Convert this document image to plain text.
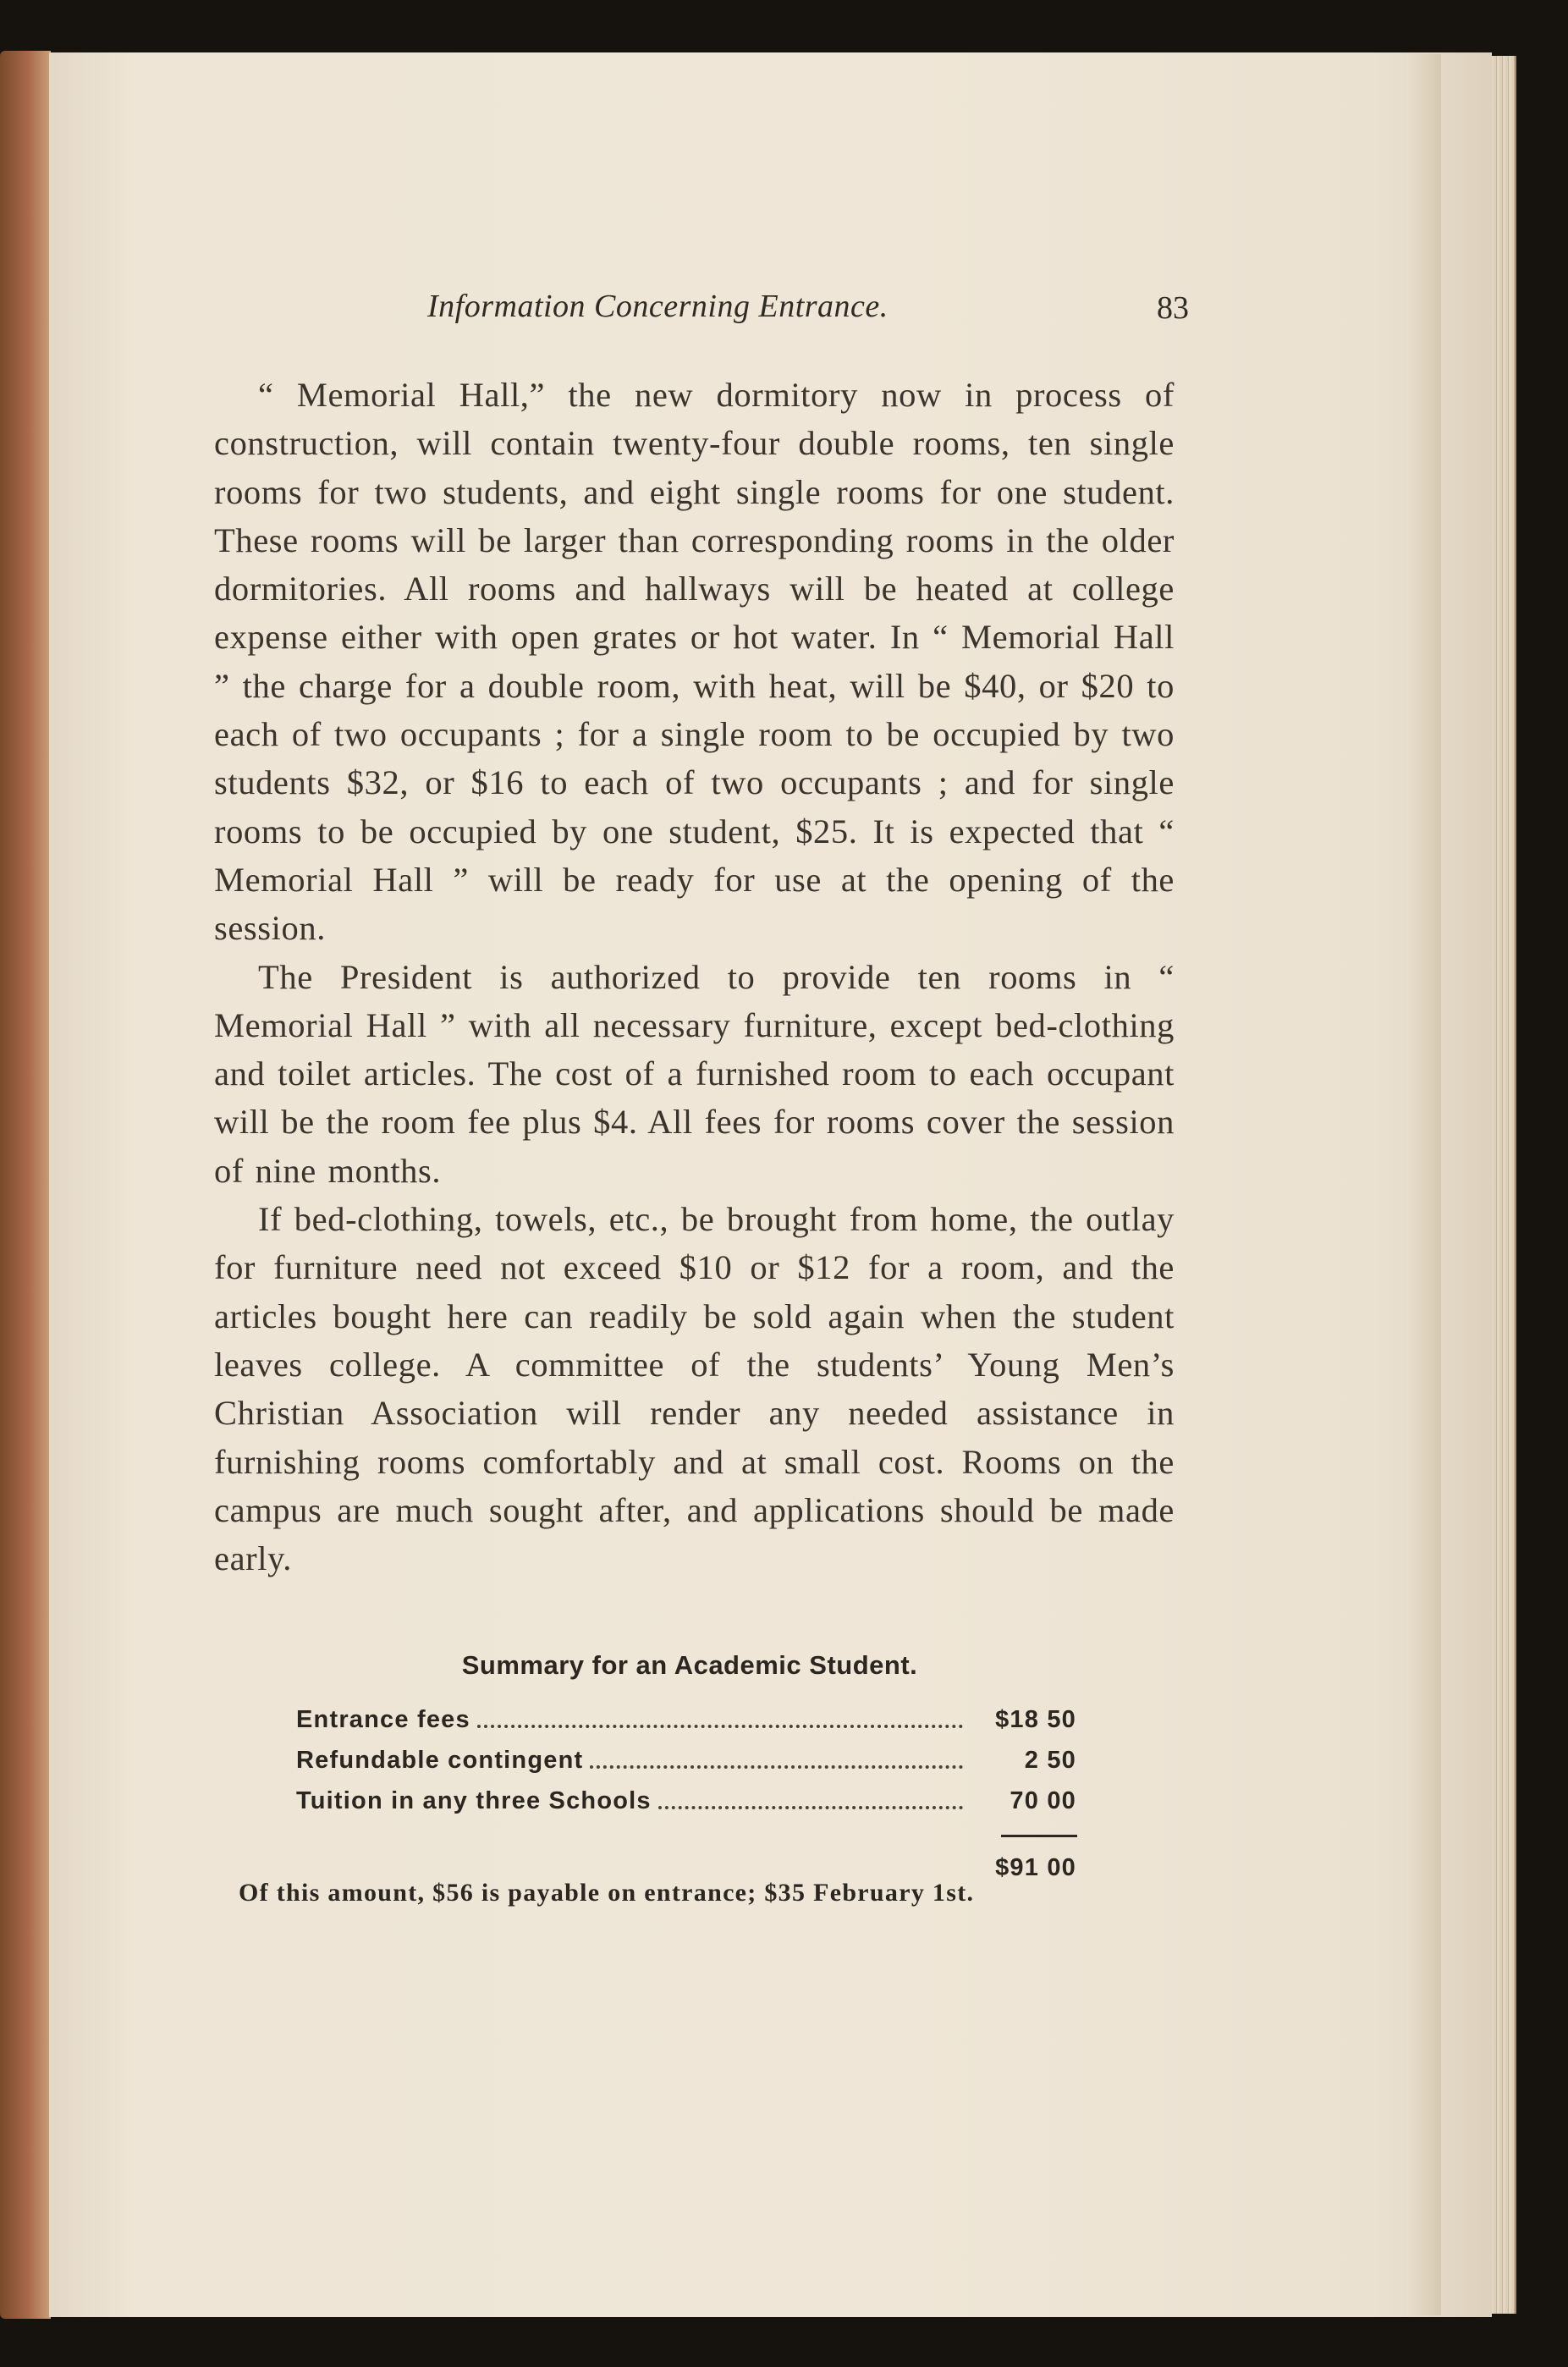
Information Concerning Entrance.	83

“ Memorial Hall,” the new dormitory now in process of construction, will contain twenty-four double rooms, ten single rooms for two students, and eight single rooms for one student. These rooms will be larger than corresponding rooms in the older dormitories. All rooms and hallways will be heated at college expense either with open grates or hot water. In “ Memorial Hall ” the charge for a double room, with heat, will be $40, or $20 to each of two occupants ; for a single room to be occupied by two students $32, or $16 to each of two occupants ; and for single rooms to be occupied by one student, $25. It is expected that “ Memorial Hall ” will be ready for use at the opening of the session.

The President is authorized to provide ten rooms in “ Memorial Hall ” with all necessary furniture, except bed-clothing and toilet articles. The cost of a furnished room to each occupant will be the room fee plus $4. All fees for rooms cover the session of nine months.

If bed-clothing, towels, etc., be brought from home, the outlay for furniture need not exceed $10 or $12 for a room, and the articles bought here can readily be sold again when the student leaves college. A committee of the students’ Young Men’s Christian Association will render any needed assistance in furnishing rooms comfortably and at small cost. Rooms on the campus are much sought after, and applications should be made early.

Summary for an Academic Student.
Entrance fees	$18 50
Refundable contingent	2 50
Tuition in any three Schools	70 00
$91 00
Of this amount, $56 is payable on entrance; $35 February 1st.
